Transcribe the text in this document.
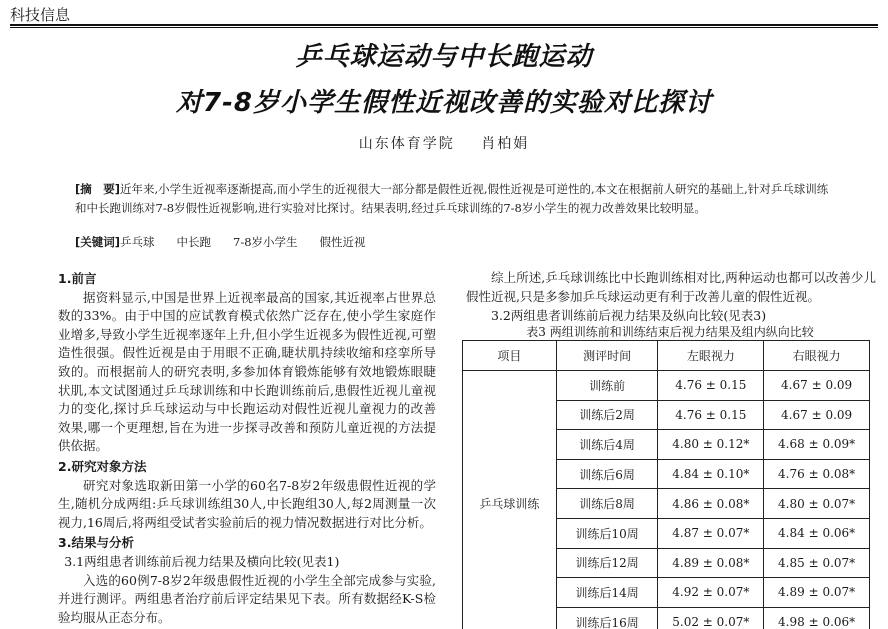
科技信息
乒乓球运动与中长跑运动
对7-8岁小学生假性近视改善的实验对比探讨
山东体育学院 肖柏娟
[摘　要]近年来,小学生近视率逐渐提高,而小学生的近视很大一部分都是假性近视,假性近视是可逆性的,本文在根据前人研究的基础上,针对乒乓球训练和中长跑训练对7-8岁假性近视影响,进行实验对比探讨。结果表明,经过乒乓球训练的7-8岁小学生的视力改善效果比较明显。
[关键词]乒乓球 中长跑 7-8岁小学生 假性近视
1.前言
据资料显示,中国是世界上近视率最高的国家,其近视率占世界总数的33%。由于中国的应试教育模式依然广泛存在,使小学生家庭作业增多,导致小学生近视率逐年上升,但小学生近视多为假性近视,可塑造性很强。假性近视是由于用眼不正确,睫状肌持续收缩和痉挛所导致的。而根据前人的研究表明,多参加体育锻炼能够有效地锻炼眼睫状肌,本文试图通过乒乓球训练和中长跑训练前后,患假性近视儿童视力的变化,探讨乒乓球运动与中长跑运动对假性近视儿童视力的改善效果,哪一个更理想,旨在为进一步探寻改善和预防儿童近视的方法提供依据。
2.研究对象方法
研究对象选取新田第一小学的60名7-8岁2年级患假性近视的学生,随机分成两组:乒乓球训练组30人,中长跑组30人,每2周测量一次视力,16周后,将两组受试者实验前后的视力情况数据进行对比分析。
3.结果与分析
3.1两组患者训练前后视力结果及横向比较(见表1)
入选的60例7-8岁2年级患假性近视的小学生全部完成参与实验,并进行测评。两组患者治疗前后评定结果见下表。所有数据经K-S检验均服从正态分布。
综上所述,乒乓球训练比中长跑训练相对比,两种运动也都可以改善少儿假性近视,只是多参加乒乓球运动更有利于改善儿童的假性近视。
3.2两组患者训练前后视力结果及纵向比较(见表3)
表3 两组训练前和训练结束后视力结果及组内纵向比较
项目	测评时间	左眼视力	右眼视力
乒乓球训练	训练前	4.76 ± 0.15	4.67 ± 0.09
	训练后2周	4.76 ± 0.15	4.67 ± 0.09
	训练后4周	4.80 ± 0.12*	4.68 ± 0.09*
	训练后6周	4.84 ± 0.10*	4.76 ± 0.08*
	训练后8周	4.86 ± 0.08*	4.80 ± 0.07*
	训练后10周	4.87 ± 0.07*	4.84 ± 0.06*
	训练后12周	4.89 ± 0.08*	4.85 ± 0.07*
	训练后14周	4.92 ± 0.07*	4.89 ± 0.07*
	训练后16周	5.02 ± 0.07*	4.98 ± 0.06*
